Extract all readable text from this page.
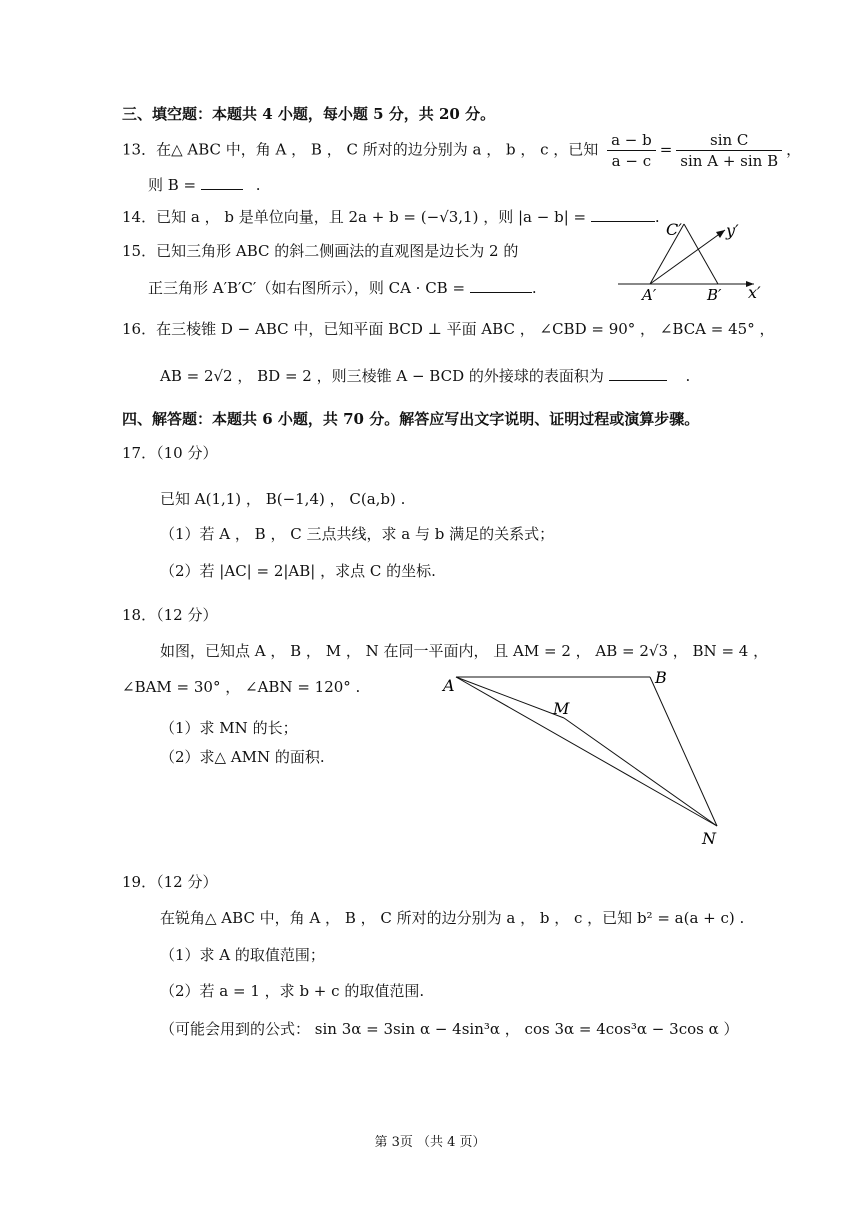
三、填空题：本题共 4 小题，每小题 5 分，共 20 分。
13．在△ ABC 中，角 A ， B ， C 所对的边分别为 a ， b ， c ，已知 $\frac{a - b}{a - c} = \frac{\text{sin C}}{\text{sin A + sin B}}$ ，
则 B =	.
14．已知 a ， b 是单位向量，且 2a + b = (−√3,1) ，则 |a − b| =	.
15．已知三角形 ABC 的斜二侧画法的直观图是边长为 2 的
正三角形 A′B′C′（如右图所示），则 CA · CB =	.
C′	y′
A′	B′ x′
16．在三棱锥 D − ABC 中，已知平面 BCD ⊥ 平面 ABC ， ∠CBD = 90° ， ∠BCA = 45° ，
AB = 2√2 ， BD = 2 ，则三棱锥 A − BCD 的外接球的表面积为	.
四、解答题：本题共 6 小题，共 70 分。解答应写出文字说明、证明过程或演算步骤。
17．（10 分）
已知 A(1,1) ， B(−1,4) ， C(a,b) .
（1）若 A ， B ， C 三点共线，求 a 与 b 满足的关系式；
（2）若 |AC| = 2|AB| ，求点 C 的坐标.
18．（12 分）
如图，已知点 A ， B ， M ， N 在同一平面内， 且 AM = 2 ， AB = 2√3 ， BN = 4 ，
∠BAM = 30° ， ∠ABN = 120° .
（1）求 MN 的长；
（2）求△ AMN 的面积.
A	B
M
N
19．（12 分）
在锐角△ ABC 中，角 A ， B ， C 所对的边分别为 a ， b ， c ，已知 b² = a(a + c) .
（1）求 A 的取值范围；
（2）若 a = 1 ，求 b + c 的取值范围.
（可能会用到的公式： sin 3α = 3sin α − 4sin³α ， cos 3α = 4cos³α − 3cos α ）
第 3页 （共 4 页）
